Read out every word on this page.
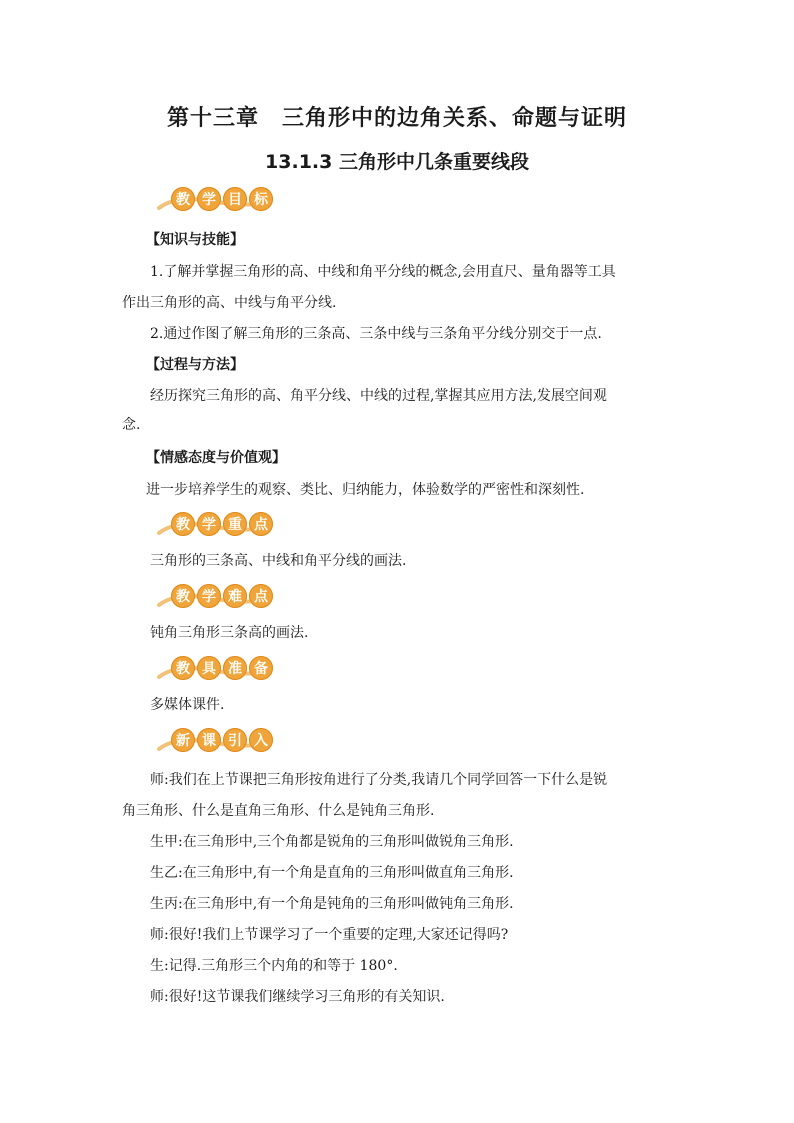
第十三章　三角形中的边角关系、命题与证明
13.1.3 三角形中几条重要线段
教 学 目 标
【知识与技能】
1.了解并掌握三角形的高、中线和角平分线的概念,会用直尺、量角器等工具
作出三角形的高、中线与角平分线.
2.通过作图了解三角形的三条高、三条中线与三条角平分线分别交于一点.
【过程与方法】
经历探究三角形的高、角平分线、中线的过程,掌握其应用方法,发展空间观
念.
【情感态度与价值观】
进一步培养学生的观察、类比、归纳能力，体验数学的严密性和深刻性.
教 学 重 点
三角形的三条高、中线和角平分线的画法.
教 学 难 点
钝角三角形三条高的画法.
教 具 准 备
多媒体课件.
新 课 引 入
师:我们在上节课把三角形按角进行了分类,我请几个同学回答一下什么是锐
角三角形、什么是直角三角形、什么是钝角三角形.
生甲:在三角形中,三个角都是锐角的三角形叫做锐角三角形.
生乙:在三角形中,有一个角是直角的三角形叫做直角三角形.
生丙:在三角形中,有一个角是钝角的三角形叫做钝角三角形.
师:很好!我们上节课学习了一个重要的定理,大家还记得吗?
生:记得.三角形三个内角的和等于 180°.
师:很好!这节课我们继续学习三角形的有关知识.
